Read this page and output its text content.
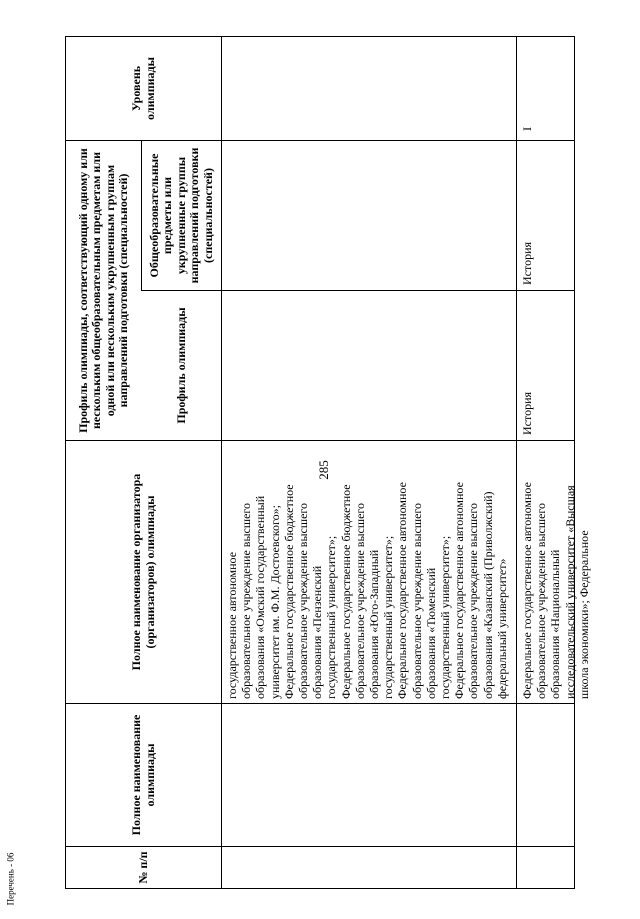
285
Перечень - 06	№ п/п
Полное наименование олимпиады
Полное наименование организатора (организаторов) олимпиады
Профиль олимпиады, соответствующий одному или нескольким общеобразовательным предметам или одной или нескольким укрупненным группам направлений подготовки (специальностей)	Профиль олимпиады
Общеобразовательные предметы или укрупненные группы направлений подготовки (специальностей)
Уровень олимпиады
государственное автономное образовательное учреждение высшего образования «Омский государственный университет им. Ф.М. Достоевского»; Федеральное государственное бюджетное образовательное учреждение высшего образования «Пензенский государственный университет»; Федеральное государственное бюджетное образовательное учреждение высшего образования «Юго-Западный государственный университет»; Федеральное государственное автономное образовательное учреждение высшего образования «Тюменский государственный университет»; Федеральное государственное автономное образовательное учреждение высшего образования «Казанский (Приволжский) федеральный университет» Федеральное государственное автономное образовательное учреждение высшего образования «Национальный исследовательский университет «Высшая школа экономики»; Федеральное
История
История
I
